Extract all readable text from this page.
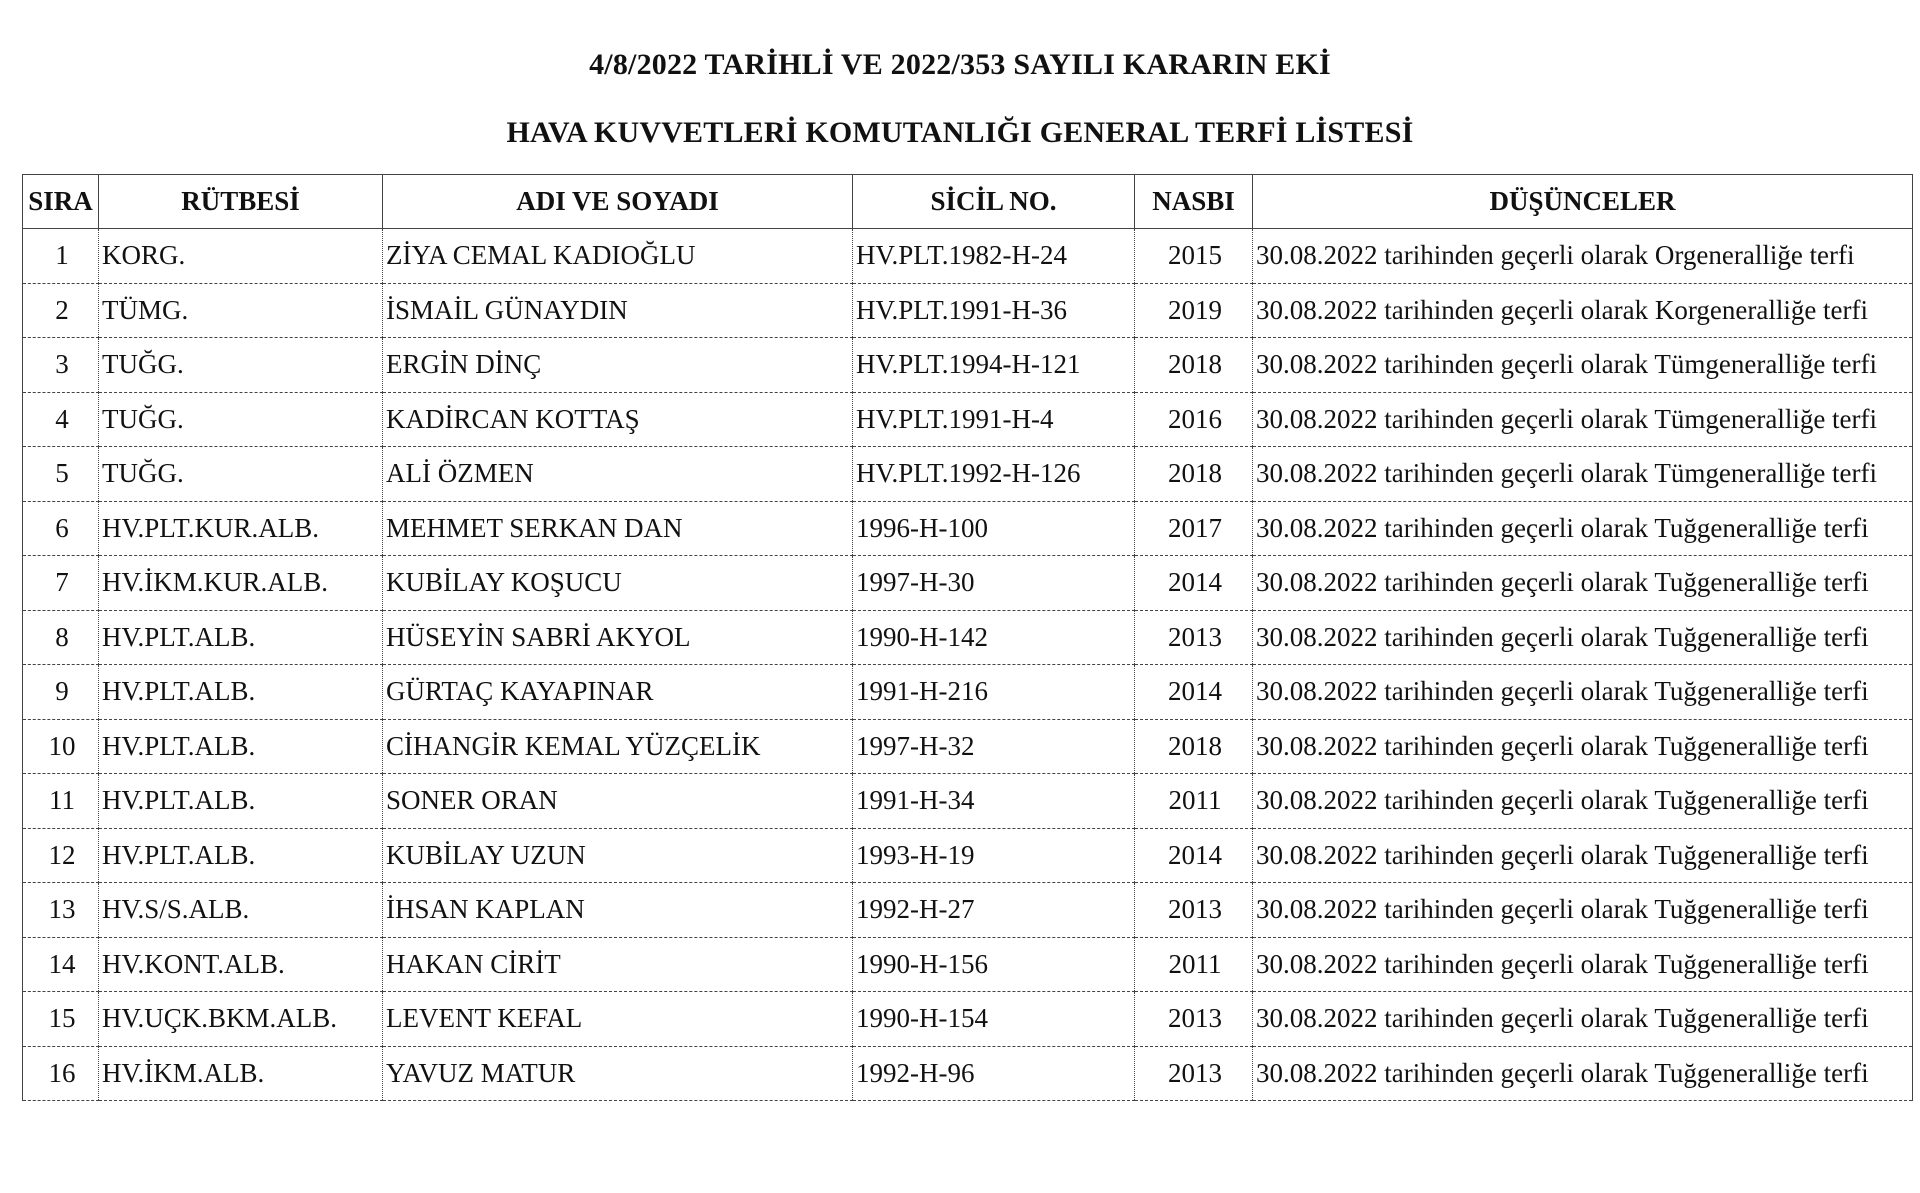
4/8/2022 TARİHLİ VE 2022/353 SAYILI KARARIN EKİ
HAVA KUVVETLERİ KOMUTANLIĞI GENERAL TERFİ LİSTESİ
SIRA	RÜTBESİ	ADI VE SOYADI	SİCİL NO.	NASBI	DÜŞÜNCELER
1	KORG.	ZİYA CEMAL KADIOĞLU	HV.PLT.1982-H-24	2015	30.08.2022 tarihinden geçerli olarak Orgeneralliğe terfi
2	TÜMG.	İSMAİL GÜNAYDIN	HV.PLT.1991-H-36	2019	30.08.2022 tarihinden geçerli olarak Korgeneralliğe terfi
3	TUĞG.	ERGİN DİNÇ	HV.PLT.1994-H-121	2018	30.08.2022 tarihinden geçerli olarak Tümgeneralliğe terfi
4	TUĞG.	KADİRCAN KOTTAŞ	HV.PLT.1991-H-4	2016	30.08.2022 tarihinden geçerli olarak Tümgeneralliğe terfi
5	TUĞG.	ALİ ÖZMEN	HV.PLT.1992-H-126	2018	30.08.2022 tarihinden geçerli olarak Tümgeneralliğe terfi
6	HV.PLT.KUR.ALB.	MEHMET SERKAN DAN	1996-H-100	2017	30.08.2022 tarihinden geçerli olarak Tuğgeneralliğe terfi
7	HV.İKM.KUR.ALB.	KUBİLAY KOŞUCU	1997-H-30	2014	30.08.2022 tarihinden geçerli olarak Tuğgeneralliğe terfi
8	HV.PLT.ALB.	HÜSEYİN SABRİ AKYOL	1990-H-142	2013	30.08.2022 tarihinden geçerli olarak Tuğgeneralliğe terfi
9	HV.PLT.ALB.	GÜRTAÇ KAYAPINAR	1991-H-216	2014	30.08.2022 tarihinden geçerli olarak Tuğgeneralliğe terfi
10	HV.PLT.ALB.	CİHANGİR KEMAL YÜZÇELİK	1997-H-32	2018	30.08.2022 tarihinden geçerli olarak Tuğgeneralliğe terfi
11	HV.PLT.ALB.	SONER ORAN	1991-H-34	2011	30.08.2022 tarihinden geçerli olarak Tuğgeneralliğe terfi
12	HV.PLT.ALB.	KUBİLAY UZUN	1993-H-19	2014	30.08.2022 tarihinden geçerli olarak Tuğgeneralliğe terfi
13	HV.S/S.ALB.	İHSAN KAPLAN	1992-H-27	2013	30.08.2022 tarihinden geçerli olarak Tuğgeneralliğe terfi
14	HV.KONT.ALB.	HAKAN CİRİT	1990-H-156	2011	30.08.2022 tarihinden geçerli olarak Tuğgeneralliğe terfi
15	HV.UÇK.BKM.ALB.	LEVENT KEFAL	1990-H-154	2013	30.08.2022 tarihinden geçerli olarak Tuğgeneralliğe terfi
16	HV.İKM.ALB.	YAVUZ MATUR	1992-H-96	2013	30.08.2022 tarihinden geçerli olarak Tuğgeneralliğe terfi
